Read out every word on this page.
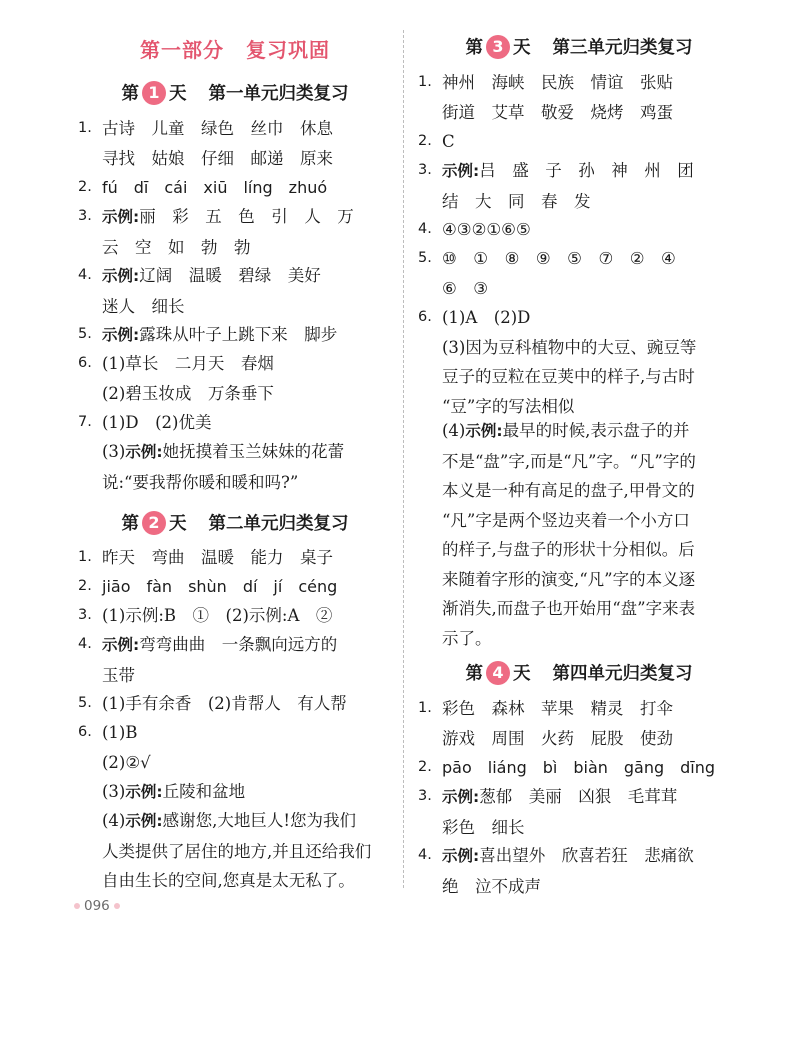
第一部分 复习巩固
第 1 天 第一单元归类复习
1. 古诗　儿童　绿色　丝巾　休息
寻找　姑娘　仔细　邮递　原来
2. fú　dī　cái　xiū　líng　zhuó
3. 示例:丽　彩　五　色　引　人　万
云　空　如　勃　勃
4. 示例:辽阔　温暖　碧绿　美好
迷人　细长
5. 示例:露珠从叶子上跳下来　脚步
6. (1)草长　二月天　春烟
(2)碧玉妆成　万条垂下
7. (1)D　(2)优美
(3)示例:她抚摸着玉兰妹妹的花蕾
说:“要我帮你暖和暖和吗?”
第 2 天 第二单元归类复习
1. 昨天　弯曲　温暖　能力　桌子
2. jiāo　fàn　shùn　dí　jí　céng
3. (1)示例:B　①　(2)示例:A　②
4. 示例:弯弯曲曲　一条飘向远方的
玉带
5. (1)手有余香　(2)肯帮人　有人帮
6. (1)B
(2)②√
(3)示例:丘陵和盆地
(4)示例:感谢您,大地巨人!您为我们
人类提供了居住的地方,并且还给我们
自由生长的空间,您真是太无私了。
第 3 天 第三单元归类复习
1. 神州　海峡　民族　情谊　张贴
街道　艾草　敬爱　烧烤　鸡蛋
2. C
3. 示例:吕　盛　子　孙　神　州　团
结　大　同　春　发
4. ④③②①⑥⑤
5. ⑩　①　⑧　⑨　⑤　⑦　②　④
⑥　③
6. (1)A　(2)D
(3)因为豆科植物中的大豆、豌豆等
豆子的豆粒在豆荚中的样子,与古时
“豆”字的写法相似
(4)示例:最早的时候,表示盘子的并
不是“盘”字,而是“凡”字。“凡”字的
本义是一种有高足的盘子,甲骨文的
“凡”字是两个竖边夹着一个小方口
的样子,与盘子的形状十分相似。后
来随着字形的演变,“凡”字的本义逐
渐消失,而盘子也开始用“盘”字来表
示了。
第 4 天 第四单元归类复习
1. 彩色　森林　苹果　精灵　打伞
游戏　周围　火药　屁股　使劲
2. pāo　liáng　bì　biàn　gāng　dīng
3. 示例:葱郁　美丽　凶狠　毛茸茸
彩色　细长
4. 示例:喜出望外　欣喜若狂　悲痛欲
绝　泣不成声
096
